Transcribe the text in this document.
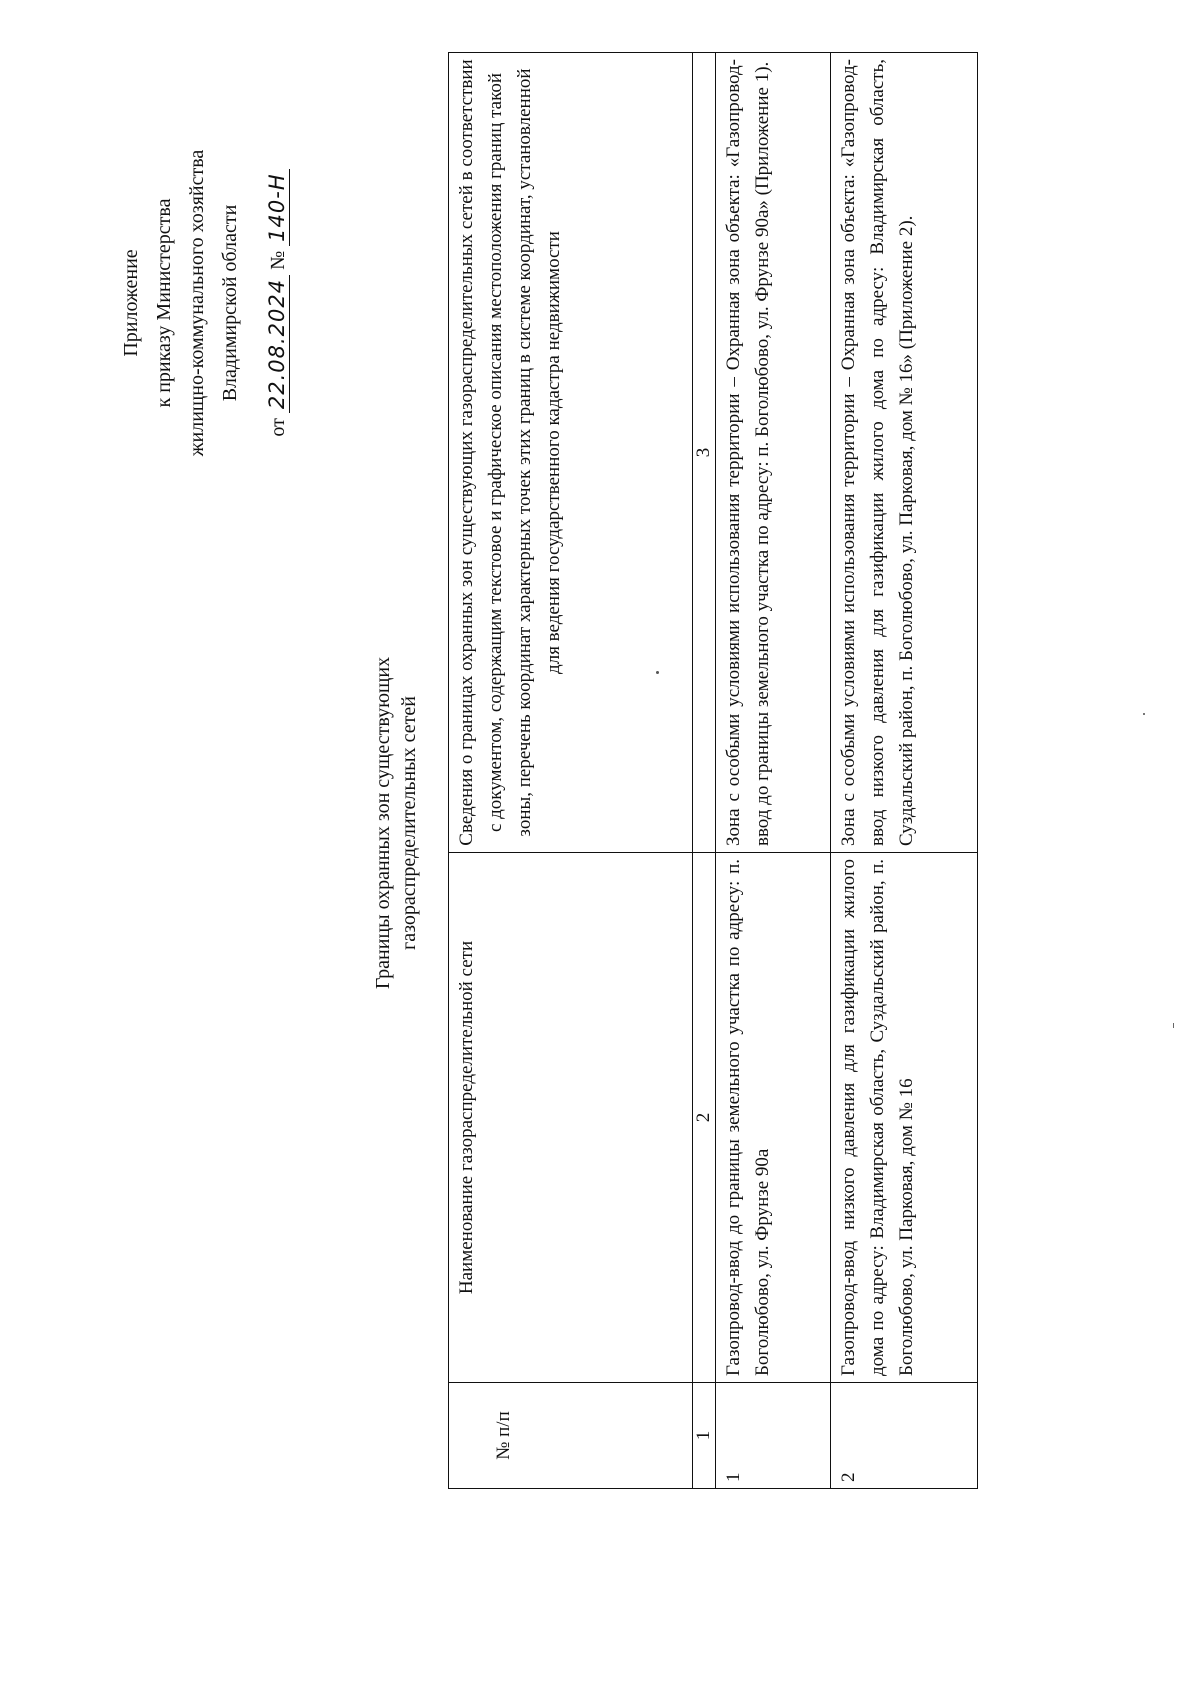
Приложение к приказу Министерства жилищно-коммунального хозяйства Владимирской области
от 22.08.2024 № 140-Н
Границы охранных зон существующих газораспределительных сетей
№ п/п	Наименование газораспределительной сети	Сведения о границах охранных зон существующих газораспределительных сетей в соответствии с документом, содержащим текстовое и графическое описания местоположения границ такой зоны, перечень координат характерных точек этих границ в системе координат, установленной для ведения государственного кадастра недвижимости
1	2	3
1	Газопровод-ввод до границы земельного участка по адресу: п. Боголюбово, ул. Фрунзе 90а	Зона с особыми условиями использования территории – Охранная зона объекта: «Газопровод-ввод до границы земельного участка по адресу: п. Боголюбово, ул. Фрунзе 90а» (Приложение 1).
2	Газопровод-ввод низкого давления для газификации жилого дома по адресу: Владимирская область, Суздальский район, п. Боголюбово, ул. Парковая, дом № 16	Зона с особыми условиями использования территории – Охранная зона объекта: «Газопровод-ввод низкого давления для газификации жилого дома по адресу: Владимирская область, Суздальский район, п. Боголюбово, ул. Парковая, дом № 16» (Приложение 2).
